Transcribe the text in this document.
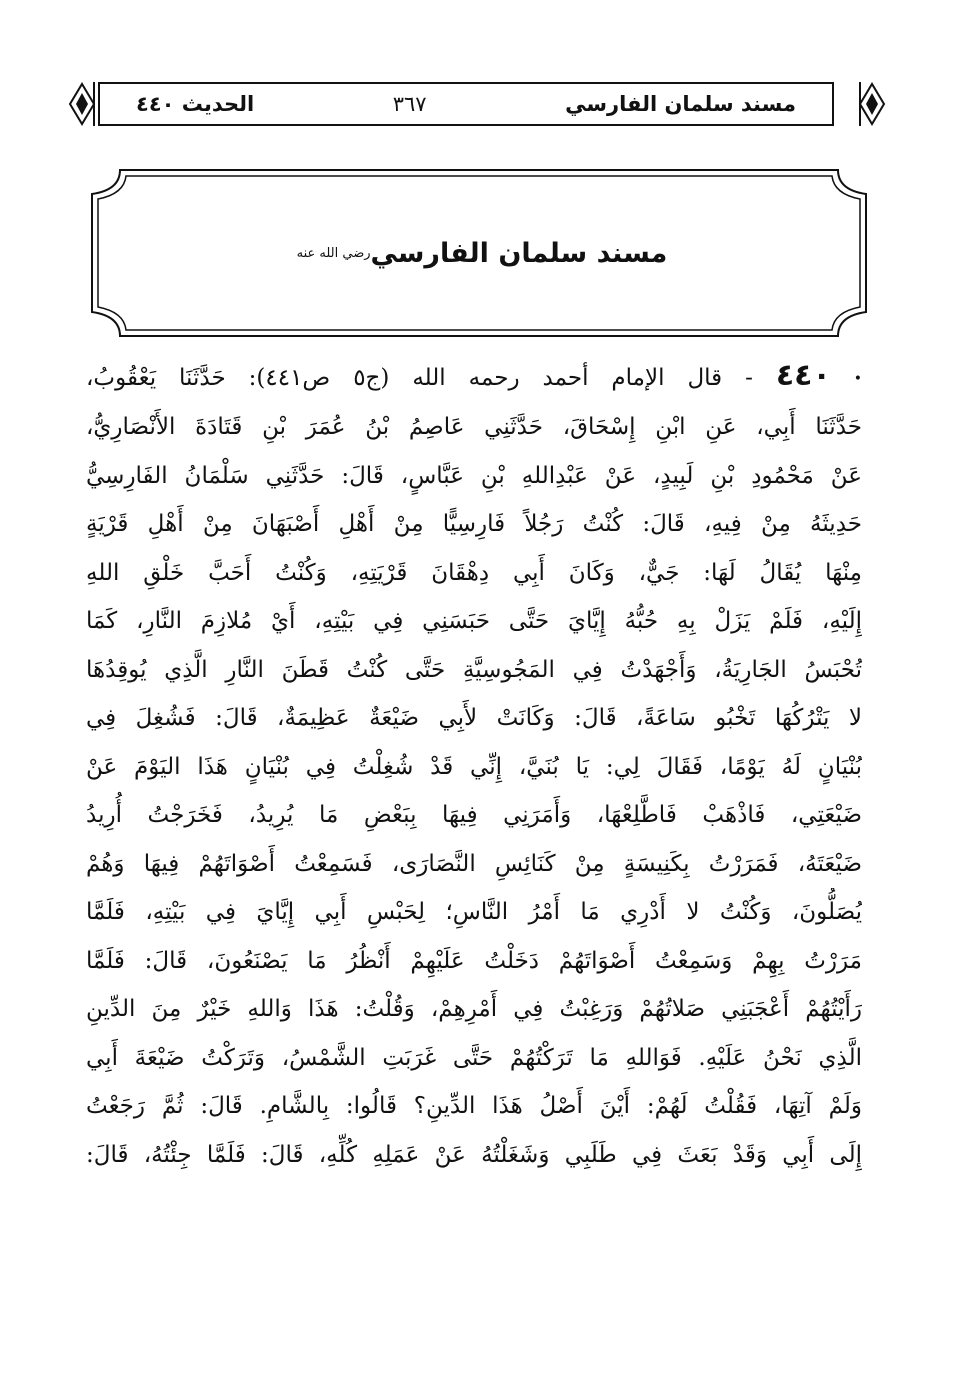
مسند سلمان الفارسي
٣٦٧
الحديث ٤٤٠
مسند سلمان الفارسي
رضي الله عنه
• ٤٤٠ - قال الإمام أحمد رحمه الله (ج٥ ص٤٤١): حَدَّثَنَا يَعْقُوبُ،
حَدَّثَنَا أَبِي، عَنِ ابْنِ إِسْحَاقَ، حَدَّثَنِي عَاصِمُ بْنُ عُمَرَ بْنِ قَتَادَةَ الأَنْصَارِيُّ،
عَنْ مَحْمُودِ بْنِ لَبِيدٍ، عَنْ عَبْدِاللهِ بْنِ عَبَّاسٍ، قَالَ: حَدَّثَنِي سَلْمَانُ الفَارِسِيُّ
حَدِيثَهُ مِنْ فِيهِ، قَالَ: كُنْتُ رَجُلاً فَارِسِيًّا مِنْ أَهْلِ أَصْبَهَانَ مِنْ أَهْلِ قَرْيَةٍ
مِنْهَا يُقَالُ لَهَا: جَيٌّ، وَكَانَ أَبِي دِهْقَانَ قَرْيَتِهِ، وَكُنْتُ أَحَبَّ خَلْقِ اللهِ
إِلَيْهِ، فَلَمْ يَزَلْ بِهِ حُبُّهُ إِيَّايَ حَتَّى حَبَسَنِي فِي بَيْتِهِ، أَيْ مُلازِمَ النَّارِ، كَمَا
تُحْبَسُ الجَارِيَةُ، وَأَجْهَدْتُ فِي المَجُوسِيَّةِ حَتَّى كُنْتُ قَطَنَ النَّارِ الَّذِي يُوقِدُهَا
لا يَتْرُكُهَا تَخْبُو سَاعَةً، قَالَ: وَكَانَتْ لأَبِي ضَيْعَةٌ عَظِيمَةٌ، قَالَ: فَشُغِلَ فِي
بُنْيَانٍ لَهُ يَوْمًا، فَقَالَ لِي: يَا بُنَيَّ، إِنِّي قَدْ شُغِلْتُ فِي بُنْيَانٍ هَذَا اليَوْمَ عَنْ
ضَيْعَتِي، فَاذْهَبْ فَاطَّلِعْهَا، وَأَمَرَنِي فِيهَا بِبَعْضِ مَا يُرِيدُ، فَخَرَجْتُ أُرِيدُ
ضَيْعَتَهُ، فَمَرَرْتُ بِكَنِيسَةٍ مِنْ كَنَائِسِ النَّصَارَى، فَسَمِعْتُ أَصْوَاتَهُمْ فِيهَا وَهُمْ
يُصَلُّونَ، وَكُنْتُ لا أَدْرِي مَا أَمْرُ النَّاسِ؛ لِحَبْسِ أَبِي إِيَّايَ فِي بَيْتِهِ، فَلَمَّا
مَرَرْتُ بِهِمْ وَسَمِعْتُ أَصْوَاتَهُمْ دَخَلْتُ عَلَيْهِمْ أَنْظُرُ مَا يَصْنَعُونَ، قَالَ: فَلَمَّا
رَأَيْتُهُمْ أَعْجَبَنِي صَلاتُهُمْ وَرَغِبْتُ فِي أَمْرِهِمْ، وَقُلْتُ: هَذَا وَاللهِ خَيْرٌ مِنَ الدِّينِ
الَّذِي نَحْنُ عَلَيْهِ. فَوَاللهِ مَا تَرَكْتُهُمْ حَتَّى غَرَبَتِ الشَّمْسُ، وَتَرَكْتُ ضَيْعَةَ أَبِي
وَلَمْ آتِهَا، فَقُلْتُ لَهُمْ: أَيْنَ أَصْلُ هَذَا الدِّينِ؟ قَالُوا: بِالشَّامِ. قَالَ: ثُمَّ رَجَعْتُ
إِلَى أَبِي وَقَدْ بَعَثَ فِي طَلَبِي وَشَغَلْتُهُ عَنْ عَمَلِهِ كُلِّهِ، قَالَ: فَلَمَّا جِئْتُهُ، قَالَ:
